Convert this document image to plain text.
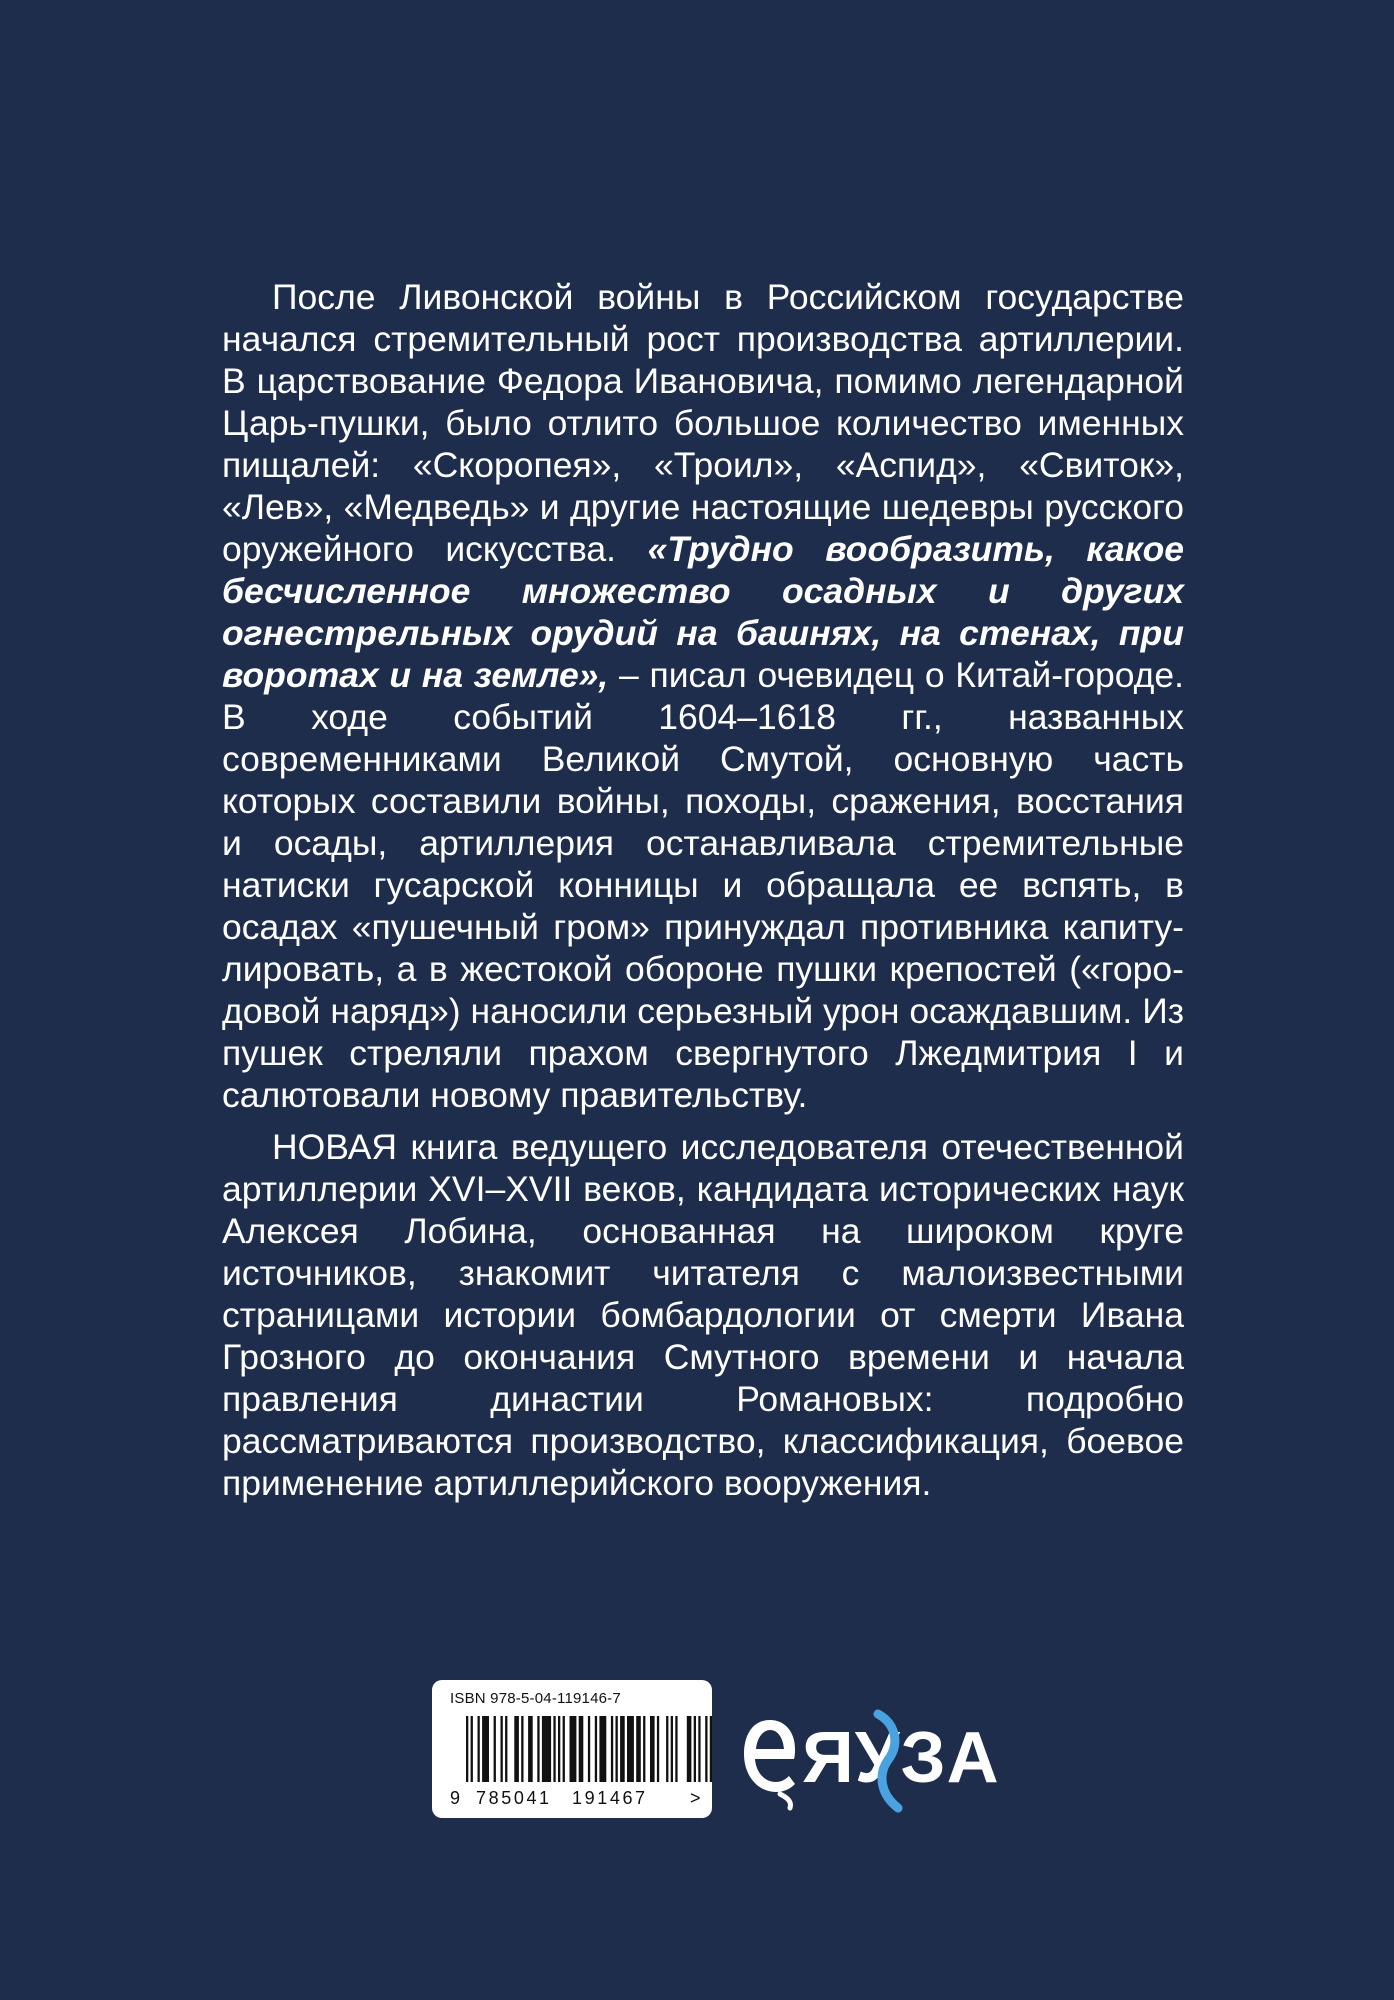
После Ливонской войны в Российском государстве начался стремительный рост производства артиллерии. В царствование Федора Ивановича, помимо легендарной Царь-пушки, было отлито большое количество именных пищалей: «Скоропея», «Троил», «Аспид», «Свиток», «Лев», «Медведь» и другие настоящие шедевры русского оружейного искусства. «Трудно вообразить, какое бесчисленное множество осадных и других огнестрельных орудий на башнях, на стенах, при воротах и на земле», – писал очевидец о Китай-городе. В ходе событий 1604–1618 гг., названных современниками Великой Смутой, основную часть которых составили войны, походы, сражения, восстания и осады, артиллерия останавливала стремительные натиски гусарской конницы и обращала ее вспять, в осадах «пушечный гром» принуждал противника капитулировать, а в жестокой обороне пушки крепостей («городовой наряд») наносили серьезный урон осаждавшим. Из пушек стреляли прахом свергнутого Лжедмитрия I и салютовали новому правительству.

НОВАЯ книга ведущего исследователя отечественной артиллерии XVI–XVII веков, кандидата исторических наук Алексея Лобина, основанная на широком круге источников, знакомит читателя с малоизвестными страницами истории бомбардологии от смерти Ивана Грозного до окончания Смутного времени и начала правления династии Романовых: подробно рассматриваются производство, классификация, боевое применение артиллерийского вооружения.

ISBN 978-5-04-119146-7
9 785041 191467 > ЯУЗА
